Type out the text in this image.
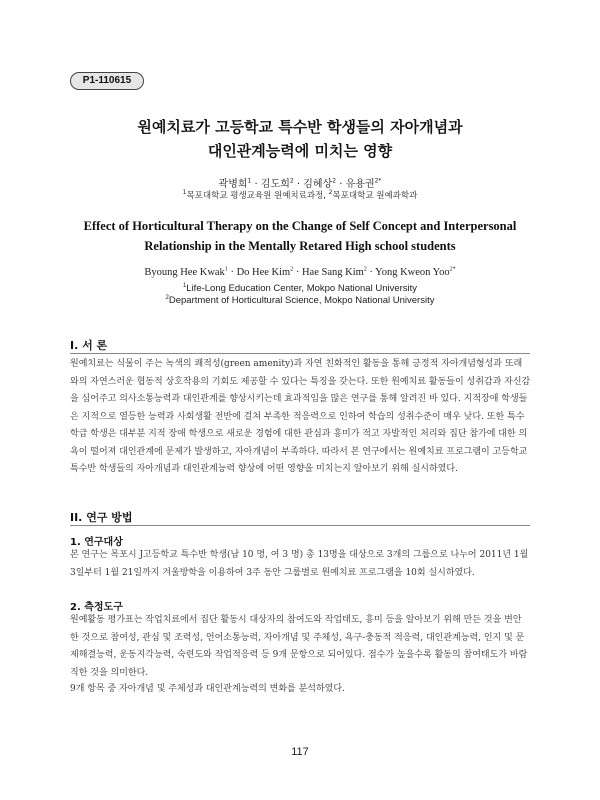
P1-110615
원예치료가 고등학교 특수반 학생들의 자아개념과
대인관계능력에 미치는 영향
곽병희$^1$ · 김도희$^2$ · 김혜상$^2$ · 유용권$^{2*}$
$^1$목포대학교 평생교육원 원예치료과정, $^2$목포대학교 원예과학과
Effect of Horticultural Therapy on the Change of Self Concept and Interpersonal
Relationship in the Mentally Retared High school students
Byoung Hee Kwak$^1$ · Do Hee Kim$^2$ · Hae Sang Kim$^2$ · Yong Kweon Yoo$^{2*}$
$^1$Life-Long Education Center, Mokpo National University
$^2$Department of Horticultural Science, Mokpo National University
I. 서 론
원예치료는 식물이 주는 녹색의 쾌적성(green amenity)과 자연 친화적인 활동을 통해 긍정적 자아개념형성과 또래
와의 자연스러운 협동적 상호작용의 기회도 제공할 수 있다는 특징을 갖는다. 또한 원예치료 활동들이 성취감과 자신감
을 심어주고 의사소통능력과 대인관계를 향상시키는데 효과적임을 많은 연구를 통해 알려진 바 있다. 지적장애 학생들
은 지적으로 열등한 능력과 사회생활 전반에 걸쳐 부족한 적응력으로 인하여 학습의 성취수준이 매우 낮다. 또한 특수
학급 학생은 대부분 지적 장애 학생으로 새로운 경험에 대한 관심과 흥미가 적고 자발적인 처리와 집단 참가에 대한 의
욕이 떨어져 대인관계에 문제가 발생하고, 자아개념이 부족하다. 따라서 본 연구에서는 원예치료 프로그램이 고등학교
특수반 학생들의 자아개념과 대인관계능력 향상에 어떤 영향을 미치는지 알아보기 위해 실시하였다.
II. 연구 방법
1. 연구대상
본 연구는 목포시 J고등학교 특수반 학생(남 10 명, 여 3 명) 총 13명을 대상으로 3개의 그룹으로 나누어 2011년 1월
3일부터 1월 21일까지 겨울방학을 이용하여 3주 동안 그룹별로 원예치료 프로그램을 10회 실시하였다.
2. 측정도구
원예활동 평가표는 작업치료에서 집단 활동시 대상자의 참여도와 작업태도, 흥미 등을 알아보기 위해 만든 것을 변안
한 것으로 참여성, 관심 및 조력성, 언어소통능력, 자아개념 및 주체성, 욕구-충동적 적응력, 대인관계능력, 인지 및 문
제해결능력, 운동지각능력, 숙련도와 작업적응력 등 9개 문항으로 되어있다. 점수가 높을수록 활동의 참여태도가 바람
직한 것을 의미한다.
9개 항목 중 자아개념 및 주체성과 대인관계능력의 변화를 분석하였다.
117
